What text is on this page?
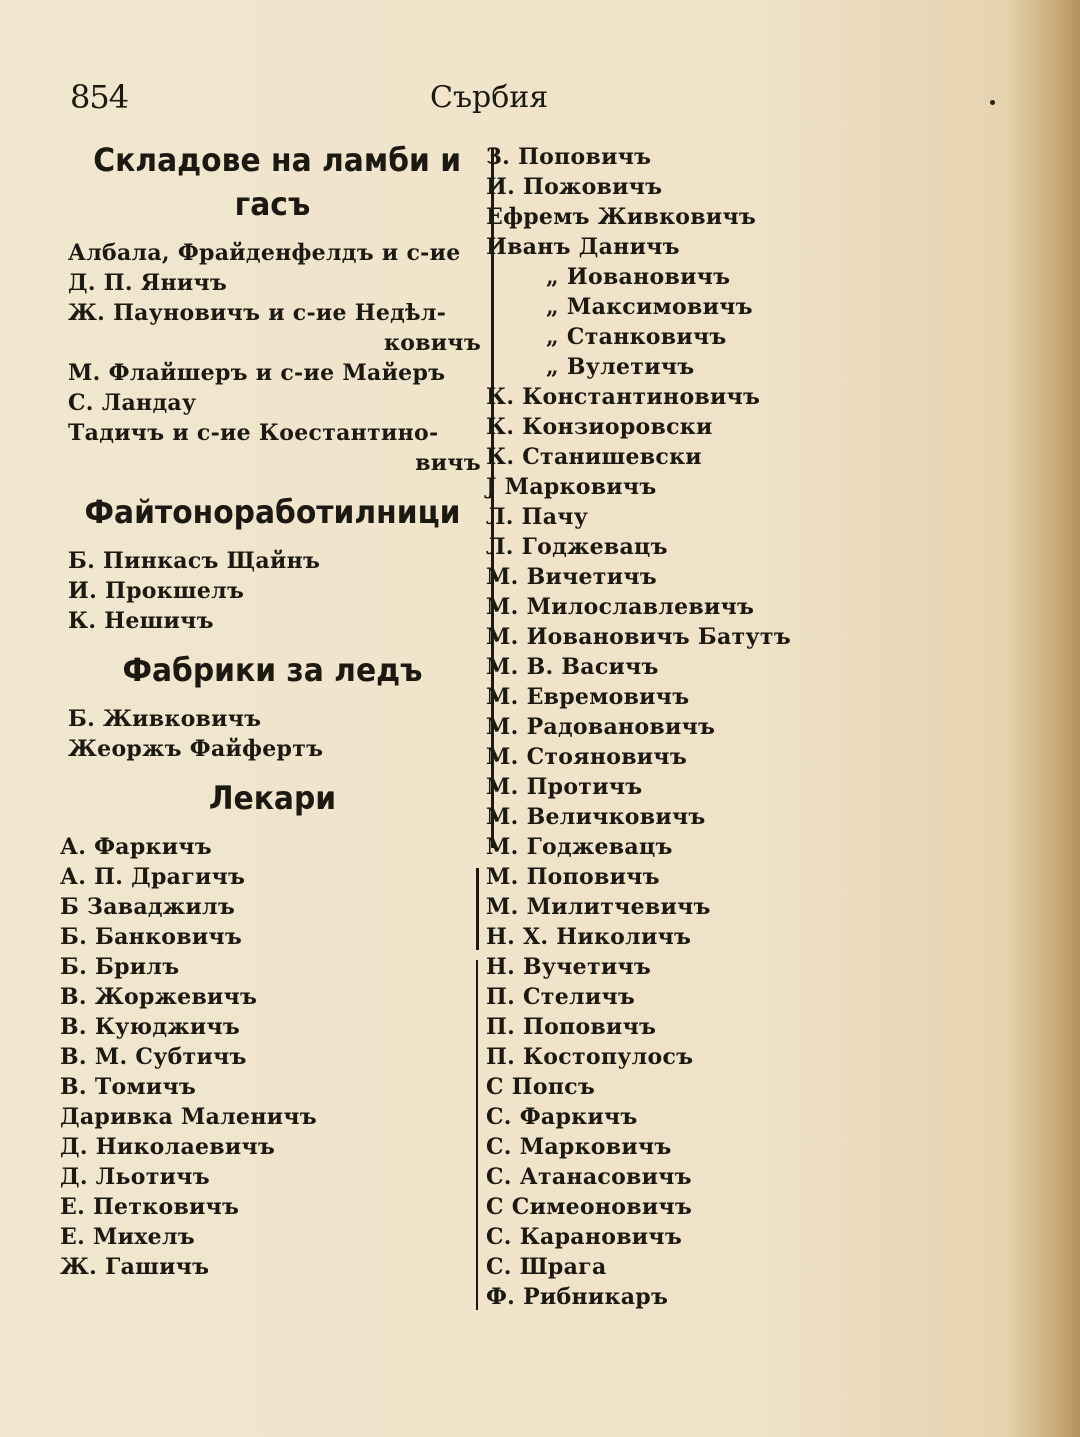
854	Сърбия
Складове на ламби и
гасъ
Албала, Фрайденфелдъ и с-ие
Д. П. Яничъ
Ж. Пауновичъ и с-ие Недѣл-
ковичъ
М. Флайшеръ и с-ие Майеръ
С. Ландау
Тадичъ и с-ие Коестантино-
вичъ
Файтоноработилници
Б. Пинкасъ Щайнъ
И. Прокшелъ
К. Нешичъ
Фабрики за ледъ
Б. Живковичъ
Жеоржъ Файфертъ
Лекари
А. Фаркичъ
А. П. Драгичъ
Б Заваджилъ
Б. Банковичъ
Б. Брилъ
В. Жоржевичъ
В. Куюджичъ
В. М. Субтичъ
В. Томичъ
Даривка Маленичъ
Д. Николаевичъ
Д. Льотичъ
Е. Петковичъ
Е. Михелъ
Ж. Гашичъ
З. Поповичъ
И. Пожовичъ
Ефремъ Живковичъ
Иванъ Даничъ
„ Иовановичъ
„ Максимовичъ
„ Станковичъ
„ Вулетичъ
К. Константиновичъ
К. Конзиоровски
К. Станишевски
J Марковичъ
Л. Пачу
Л. Годжевацъ
М. Вичетичъ
М. Милославлевичъ
М. Иовановичъ Батутъ
М. В. Васичъ
М. Евремовичъ
М. Радовановичъ
М. Стояновичъ
М. Протичъ
М. Величковичъ
М. Годжевацъ
М. Поповичъ
М. Милитчевичъ
Н. Х. Николичъ
Н. Вучетичъ
П. Стеличъ
П. Поповичъ
П. Костопулосъ
С Попсъ
С. Фаркичъ
С. Марковичъ
С. Атанасовичъ
С Симеоновичъ
С. Карановичъ
С. Шрага
Ф. Рибникаръ
